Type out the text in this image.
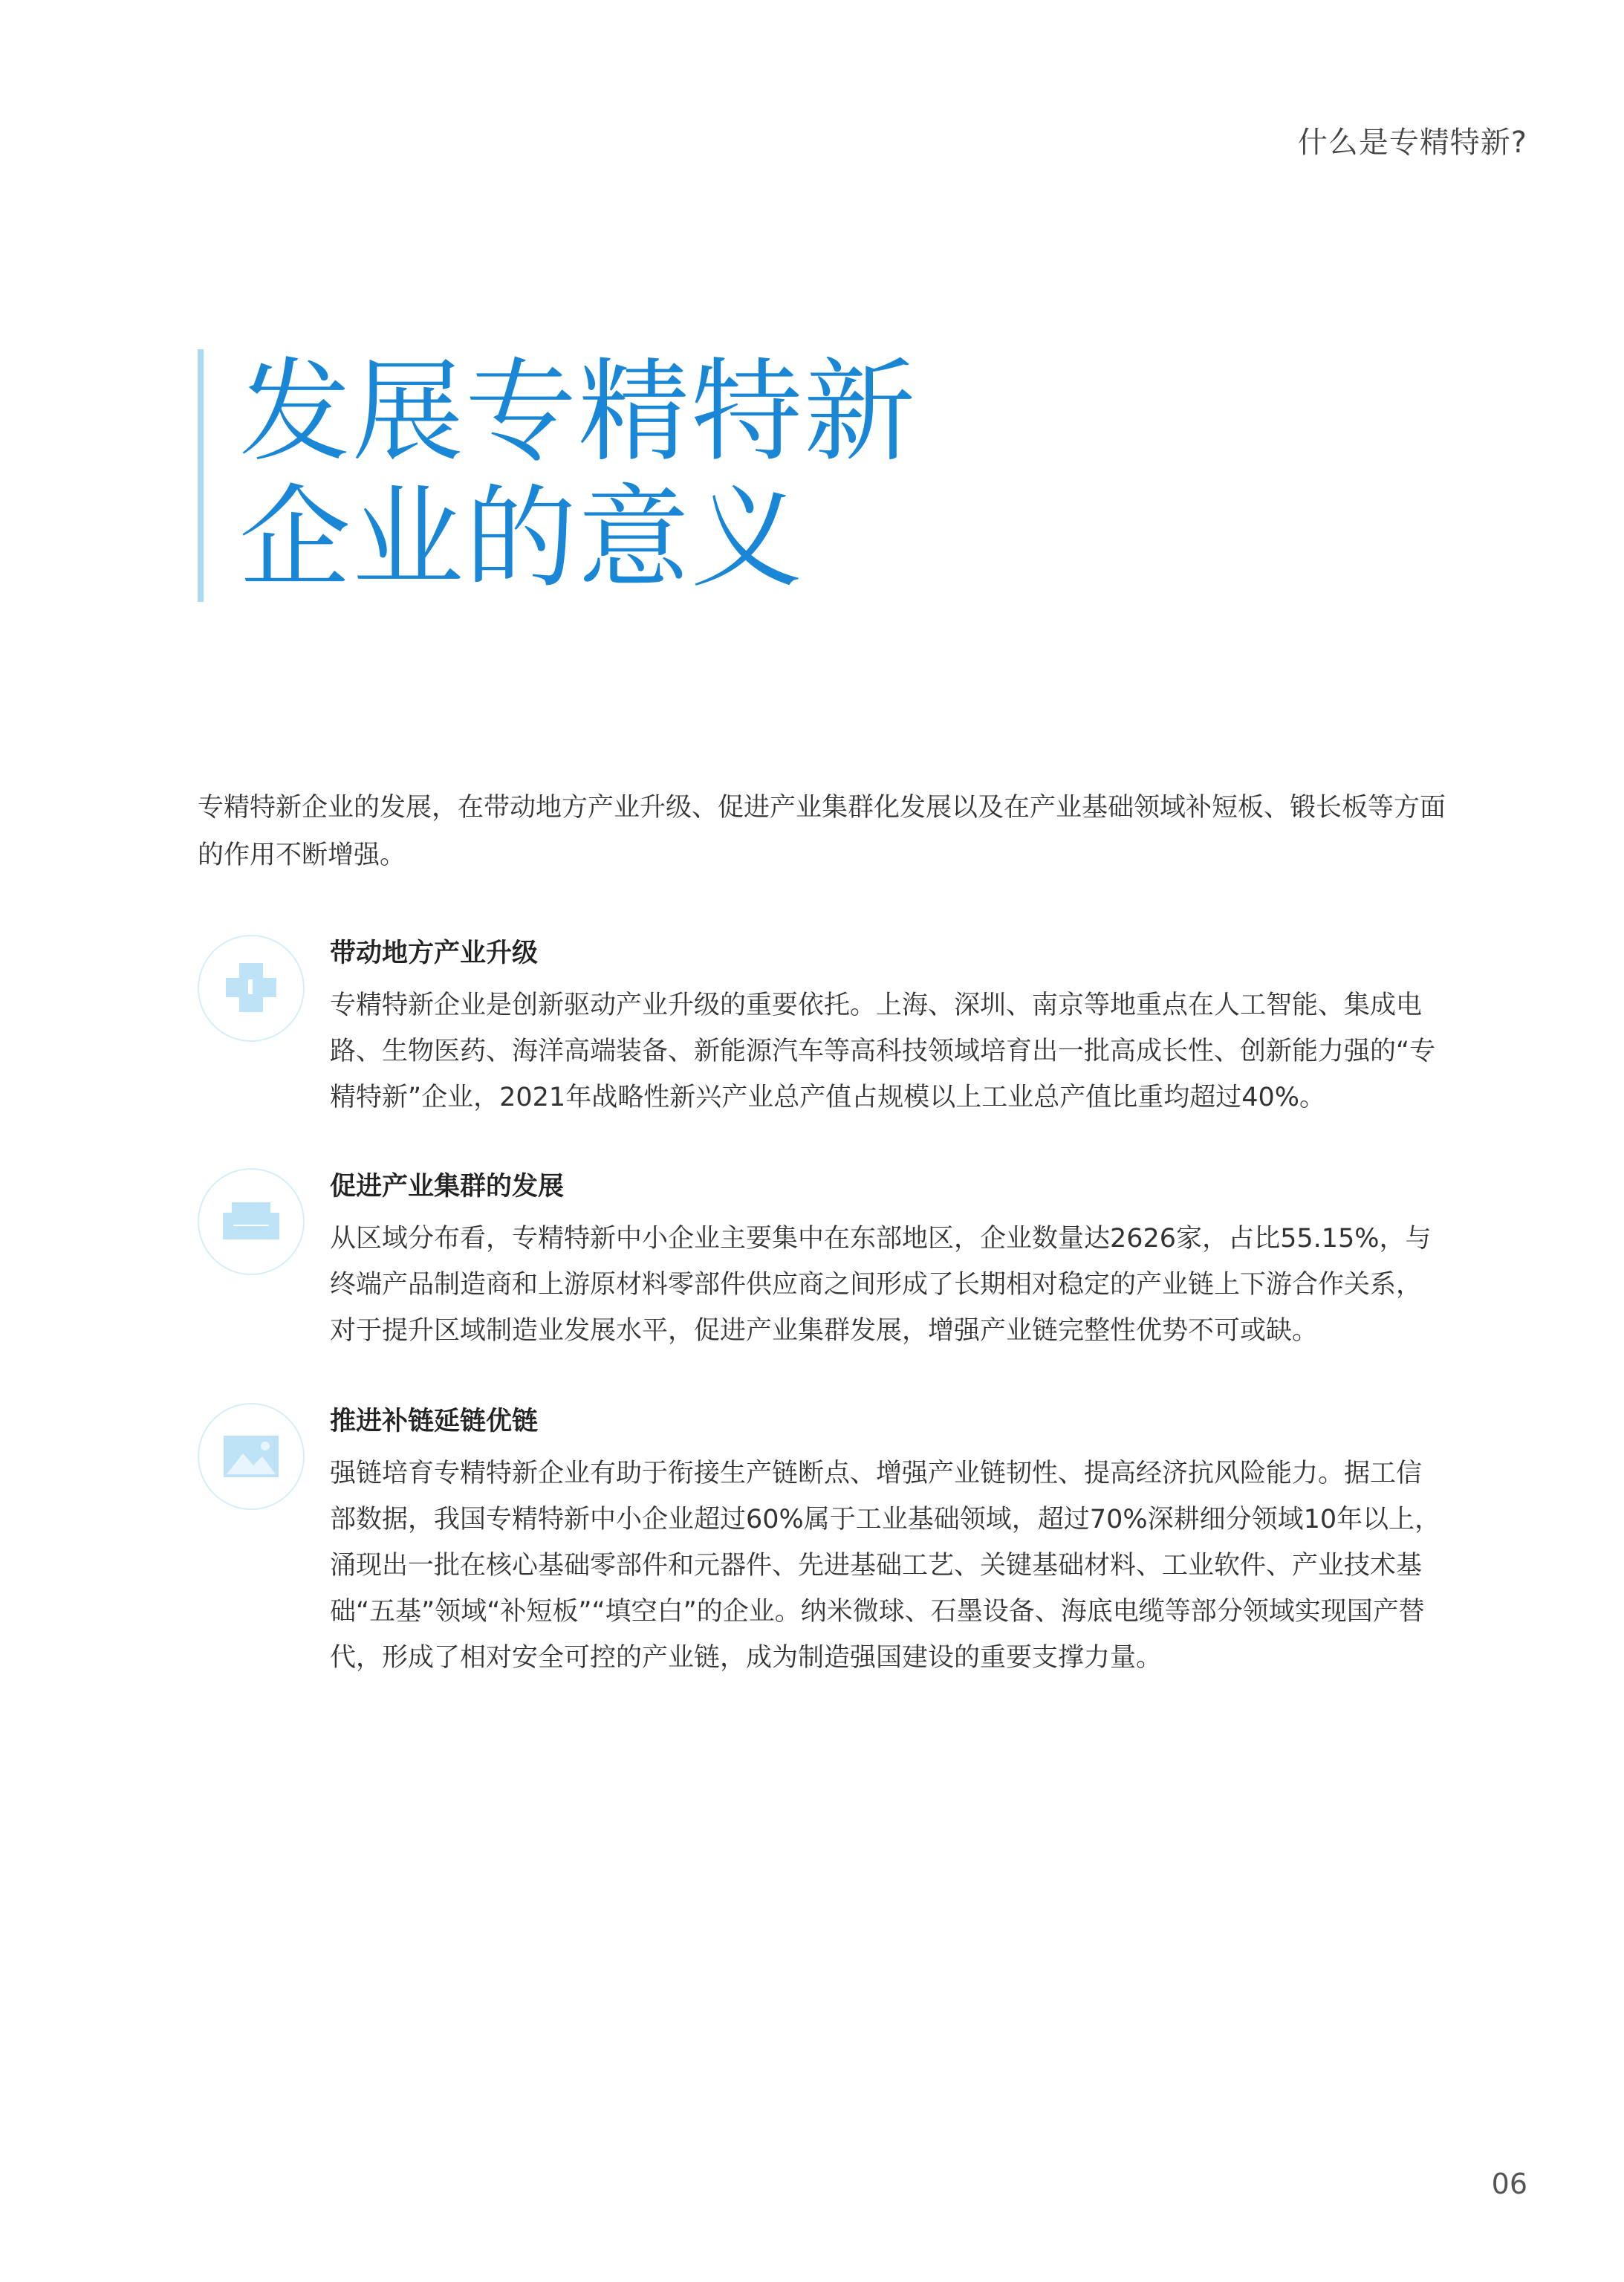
什么是专精特新?
发展专精特新
企业的意义
专精特新企业的发展，在带动地方产业升级、促进产业集群化发展以及在产业基础领域补短板、锻长板等方面的作用不断增强。
带动地方产业升级
专精特新企业是创新驱动产业升级的重要依托。上海、深圳、南京等地重点在人工智能、集成电路、生物医药、海洋高端装备、新能源汽车等高科技领域培育出一批高成长性、创新能力强的“专精特新”企业，2021年战略性新兴产业总产值占规模以上工业总产值比重均超过40%。
促进产业集群的发展
从区域分布看，专精特新中小企业主要集中在东部地区，企业数量达2626家，占比55.15%，与终端产品制造商和上游原材料零部件供应商之间形成了长期相对稳定的产业链上下游合作关系，对于提升区域制造业发展水平，促进产业集群发展，增强产业链完整性优势不可或缺。
推进补链延链优链
强链培育专精特新企业有助于衔接生产链断点、增强产业链韧性、提高经济抗风险能力。据工信部数据，我国专精特新中小企业超过60%属于工业基础领域，超过70%深耕细分领域10年以上，涌现出一批在核心基础零部件和元器件、先进基础工艺、关键基础材料、工业软件、产业技术基础“五基”领域“补短板”“填空白”的企业。纳米微球、石墨设备、海底电缆等部分领域实现国产替代，形成了相对安全可控的产业链，成为制造强国建设的重要支撑力量。
06
